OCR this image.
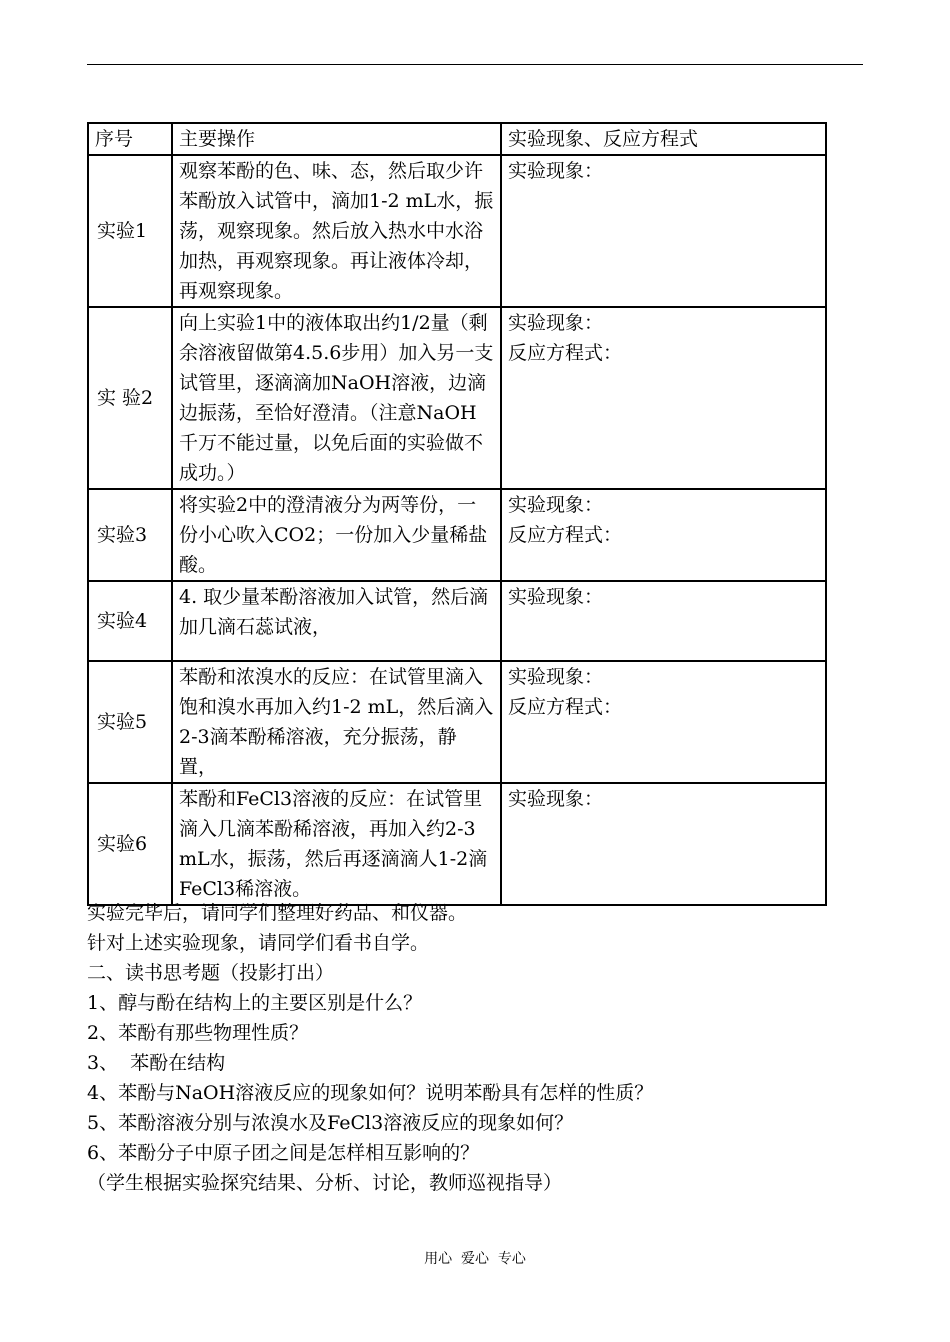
序号	主要操作	实验现象、反应方程式
实验1	观察苯酚的色、味、态，然后取少许苯酚放入试管中，滴加1-2 mL水，振荡，观察现象。然后放入热水中水浴加热，再观察现象。再让液体冷却，再观察现象。	实验现象：

实 验2	向上实验1中的液体取出约1/2量（剩余溶液留做第4.5.6步用）加入另一支试管里，逐滴滴加NaOH溶液，边滴边振荡，至恰好澄清。（注意NaOH千万不能过量，以免后面的实验做不成功。）	实验现象：
反应方程式：

实验3	将实验2中的澄清液分为两等份，一份小心吹入CO2；一份加入少量稀盐酸。	实验现象：
反应方程式：

实验4	4. 取少量苯酚溶液加入试管，然后滴加几滴石蕊试液，	实验现象：

实验5	苯酚和浓溴水的反应：在试管里滴入饱和溴水再加入约1-2 mL，然后滴入2-3滴苯酚稀溶液，充分振荡，静置，	实验现象：
反应方程式：

实验6	苯酚和FeCl3溶液的反应：在试管里滴入几滴苯酚稀溶液，再加入约2-3 mL水，振荡，然后再逐滴滴人1-2滴FeCl3稀溶液。	实验现象：
实验完毕后，请同学们整理好药品、和仪器。
针对上述实验现象，请同学们看书自学。
二、读书思考题（投影打出）
1、醇与酚在结构上的主要区别是什么？
2、苯酚有那些物理性质？
3、  苯酚在结构
4、苯酚与NaOH溶液反应的现象如何？说明苯酚具有怎样的性质？
5、苯酚溶液分别与浓溴水及FeCl3溶液反应的现象如何？
6、苯酚分子中原子团之间是怎样相互影响的？
（学生根据实验探究结果、分析、讨论，教师巡视指导）
用心  爱心  专心
